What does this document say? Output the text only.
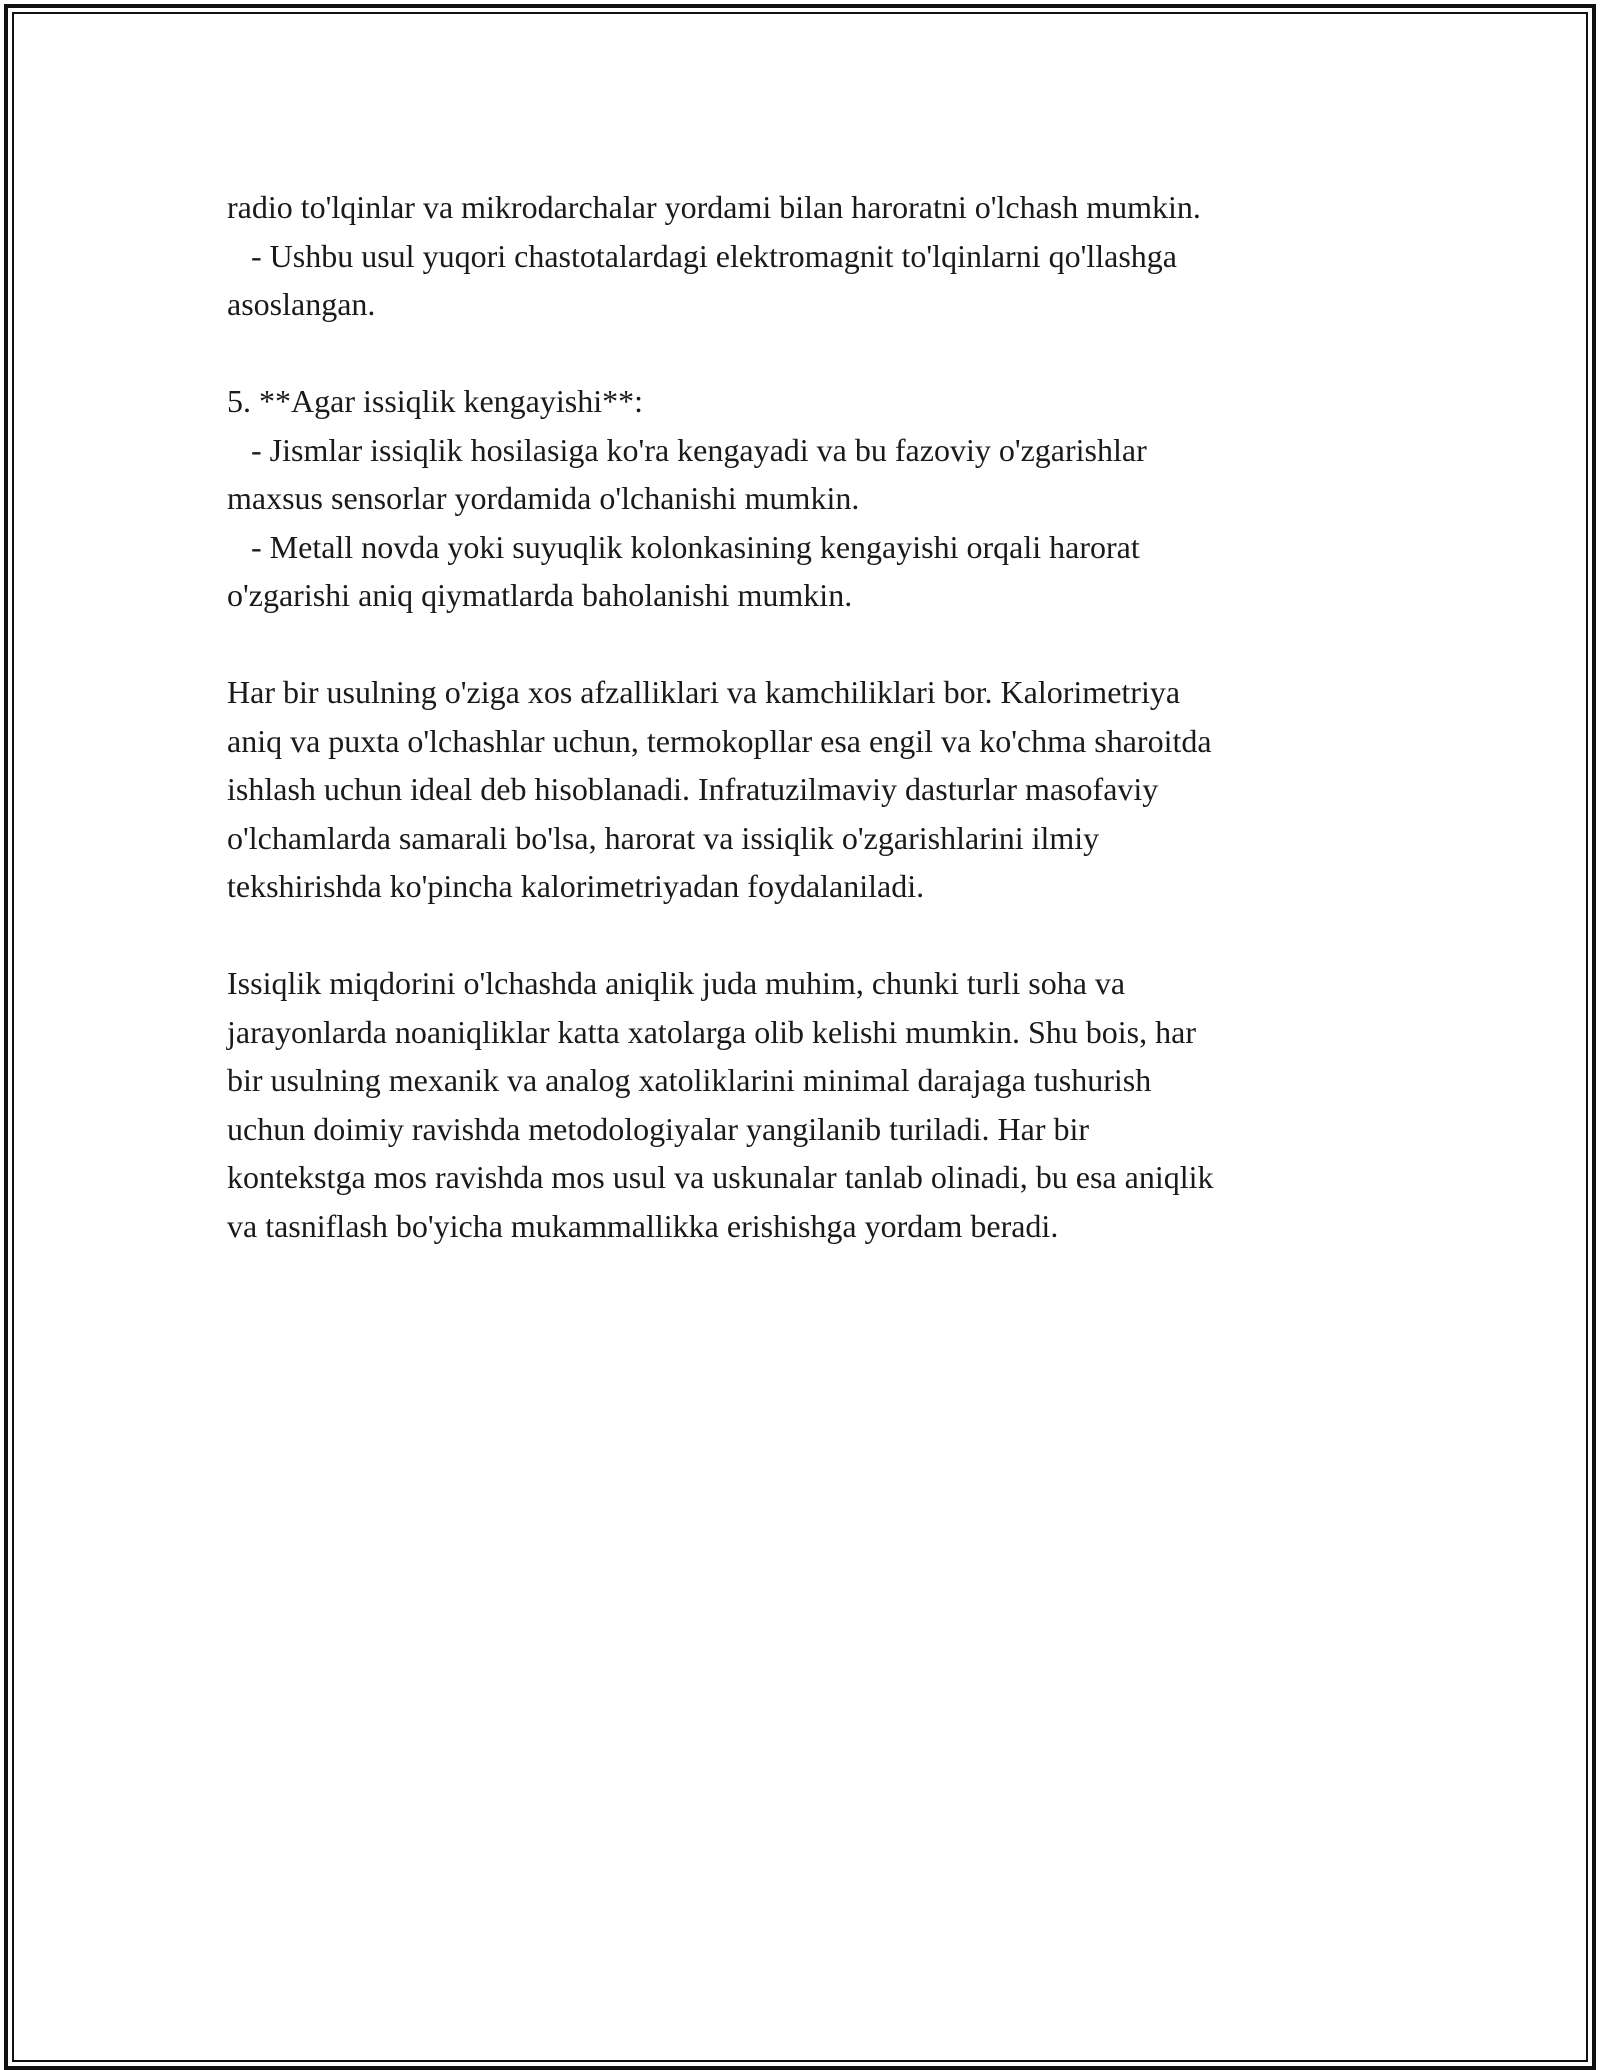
radio to'lqinlar va mikrodarchalar yordami bilan haroratni o'lchash mumkin.
- Ushbu usul yuqori chastotalardagi elektromagnit to'lqinlarni qo'llashga
asoslangan.
5. **Agar issiqlik kengayishi**:
- Jismlar issiqlik hosilasiga ko'ra kengayadi va bu fazoviy o'zgarishlar
maxsus sensorlar yordamida o'lchanishi mumkin.
- Metall novda yoki suyuqlik kolonkasining kengayishi orqali harorat
o'zgarishi aniq qiymatlarda baholanishi mumkin.
Har bir usulning o'ziga xos afzalliklari va kamchiliklari bor. Kalorimetriya
aniq va puxta o'lchashlar uchun, termokopllar esa engil va ko'chma sharoitda
ishlash uchun ideal deb hisoblanadi. Infratuzilmaviy dasturlar masofaviy
o'lchamlarda samarali bo'lsa, harorat va issiqlik o'zgarishlarini ilmiy
tekshirishda ko'pincha kalorimetriyadan foydalaniladi.
Issiqlik miqdorini o'lchashda aniqlik juda muhim, chunki turli soha va
jarayonlarda noaniqliklar katta xatolarga olib kelishi mumkin. Shu bois, har
bir usulning mexanik va analog xatoliklarini minimal darajaga tushurish
uchun doimiy ravishda metodologiyalar yangilanib turiladi. Har bir
kontekstga mos ravishda mos usul va uskunalar tanlab olinadi, bu esa aniqlik
va tasniflash bo'yicha mukammallikka erishishga yordam beradi.
